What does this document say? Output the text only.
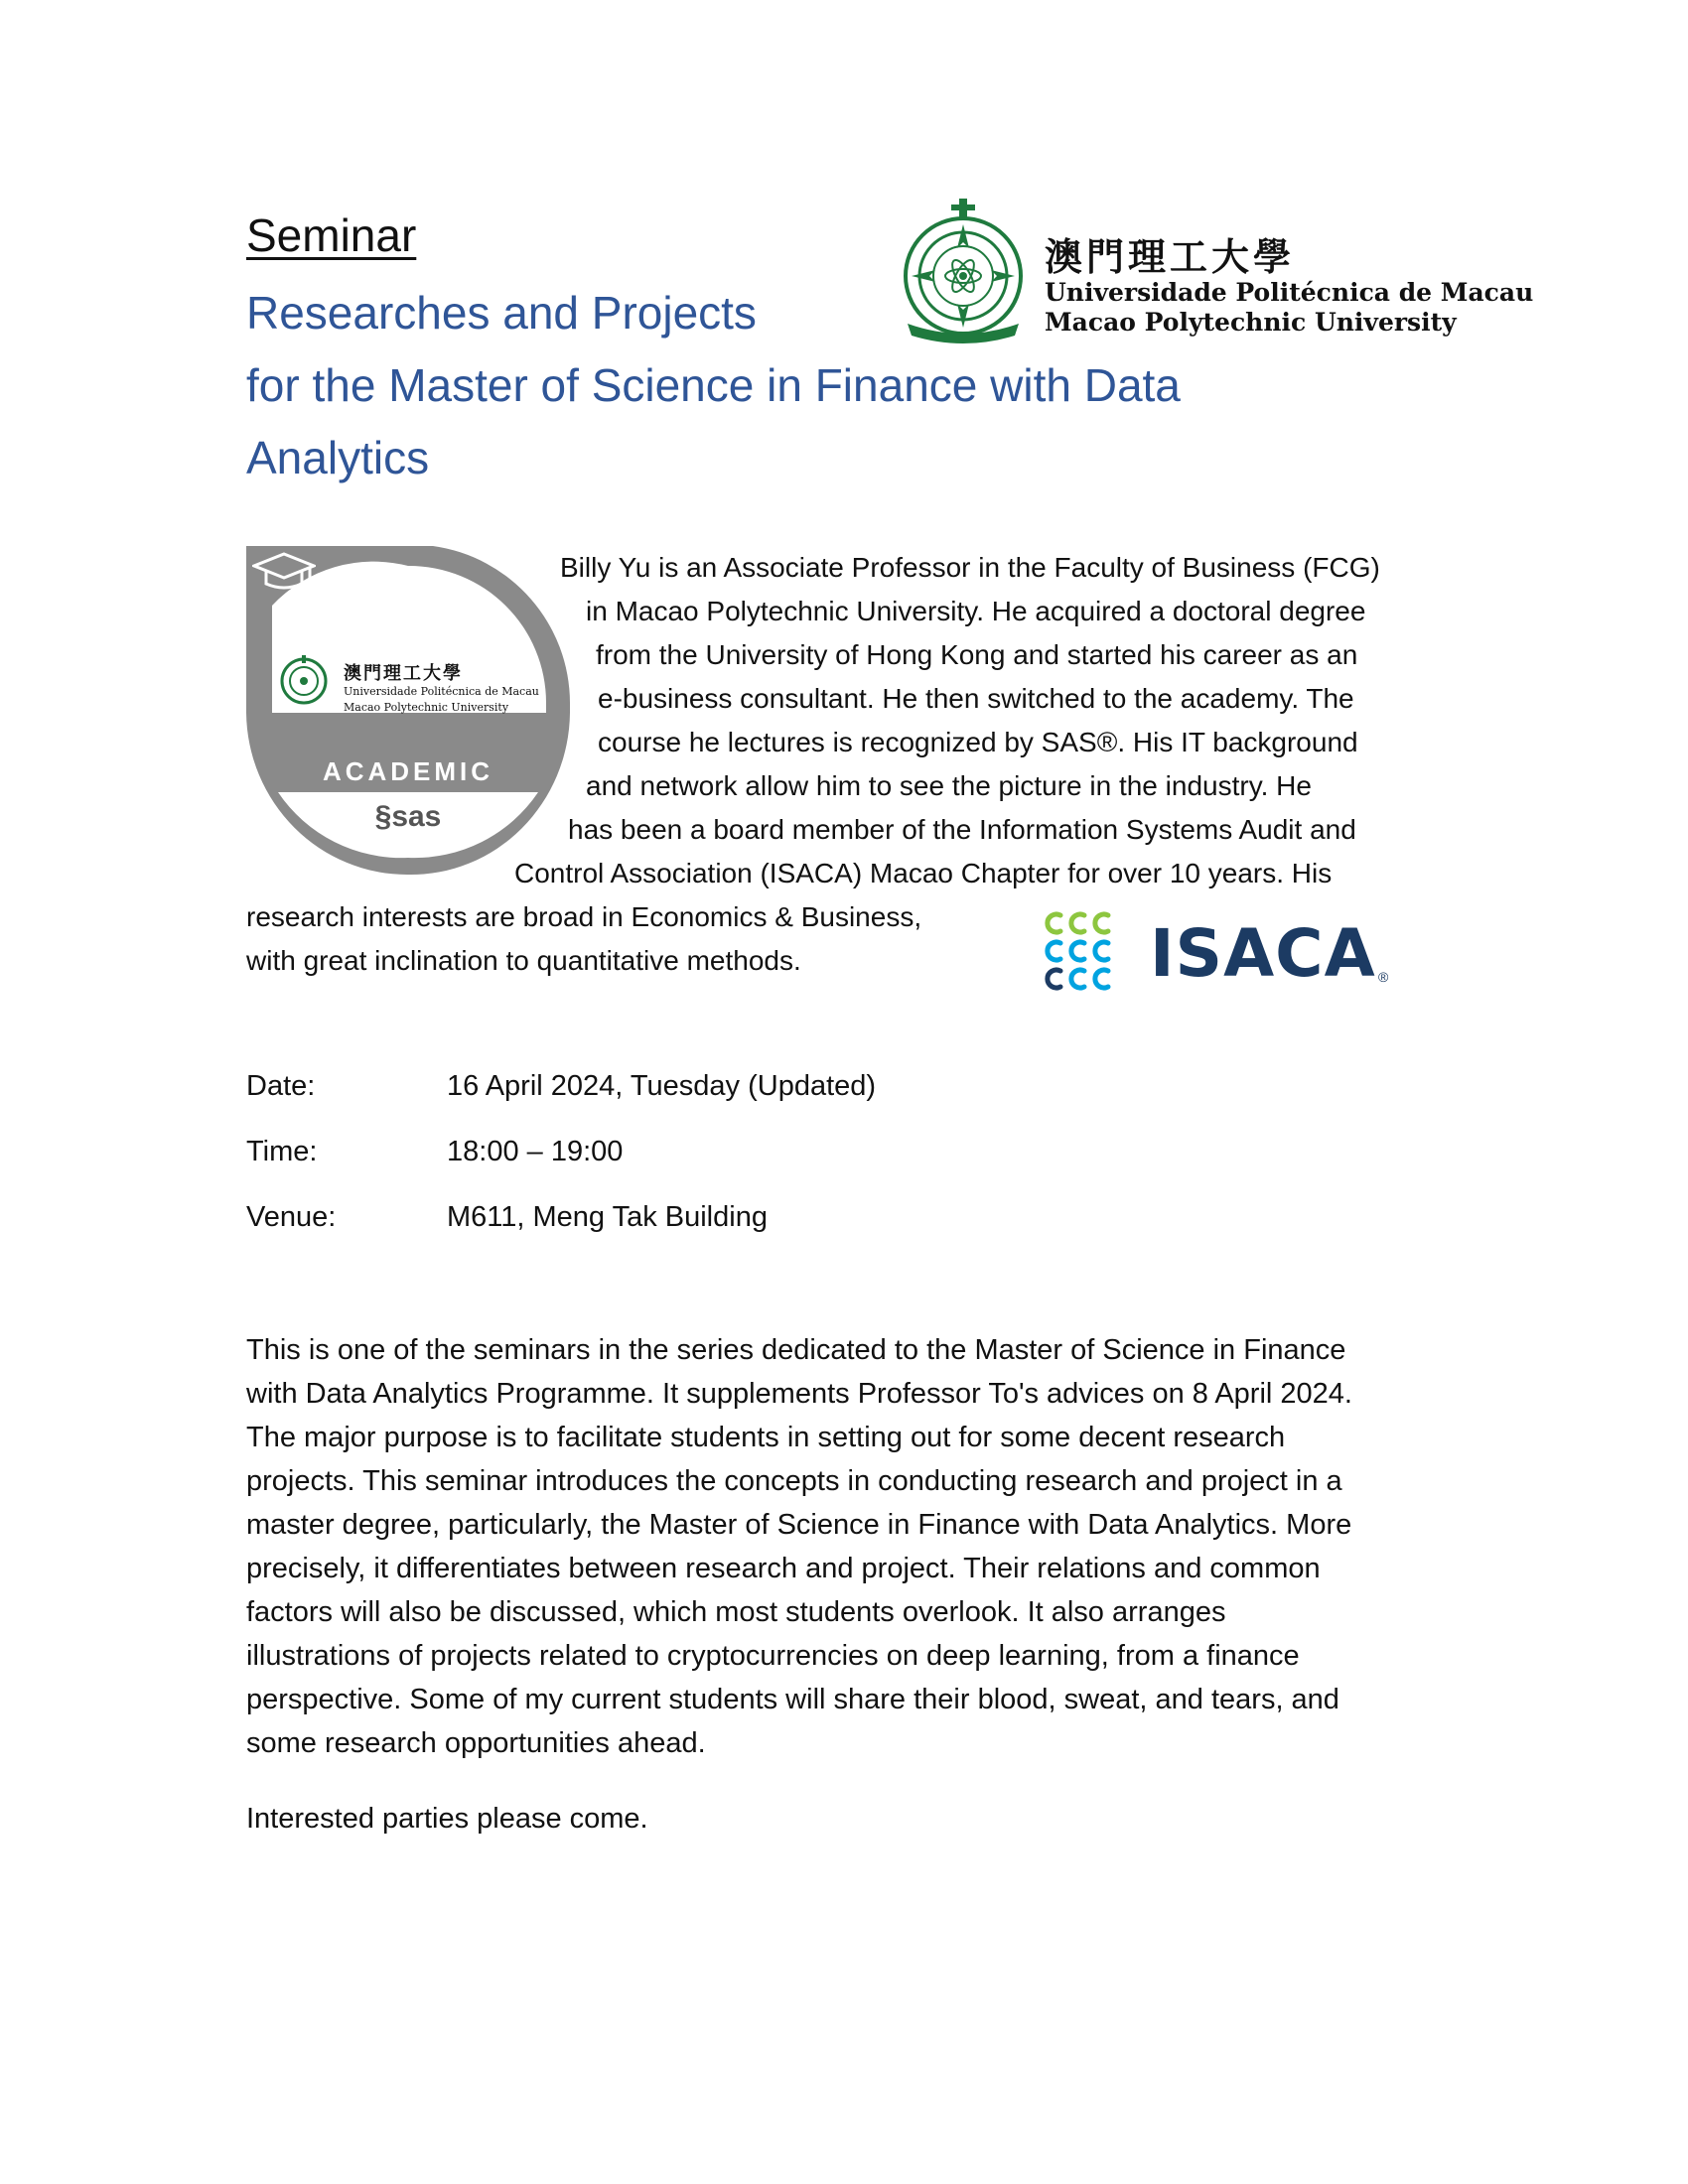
Seminar
Researches and Projects
for the Master of Science in Finance with Data
Analytics
澳門理工大學
Universidade Politécnica de Macau
Macao Polytechnic University
澳門理工大學
Universidade Politécnica de Macau
Macao Polytechnic University
ACADEMIC
§sas
Billy Yu is an Associate Professor in the Faculty of Business (FCG)
in Macao Polytechnic University. He acquired a doctoral degree
from the University of Hong Kong and started his career as an
e-business consultant. He then switched to the academy. The
course he lectures is recognized by SAS®. His IT background
and network allow him to see the picture in the industry. He
has been a board member of the Information Systems Audit and
Control Association (ISACA) Macao Chapter for over 10 years. His
research interests are broad in Economics & Business,
with great inclination to quantitative methods.	ISACA ®
Date:	16 April 2024, Tuesday (Updated)
Time:	18:00 – 19:00
Venue:	M611, Meng Tak Building
This is one of the seminars in the series dedicated to the Master of Science in Finance
with Data Analytics Programme. It supplements Professor To's advices on 8 April 2024.
The major purpose is to facilitate students in setting out for some decent research
projects. This seminar introduces the concepts in conducting research and project in a
master degree, particularly, the Master of Science in Finance with Data Analytics. More
precisely, it differentiates between research and project. Their relations and common
factors will also be discussed, which most students overlook. It also arranges
illustrations of projects related to cryptocurrencies on deep learning, from a finance
perspective. Some of my current students will share their blood, sweat, and tears, and
some research opportunities ahead.
Interested parties please come.
